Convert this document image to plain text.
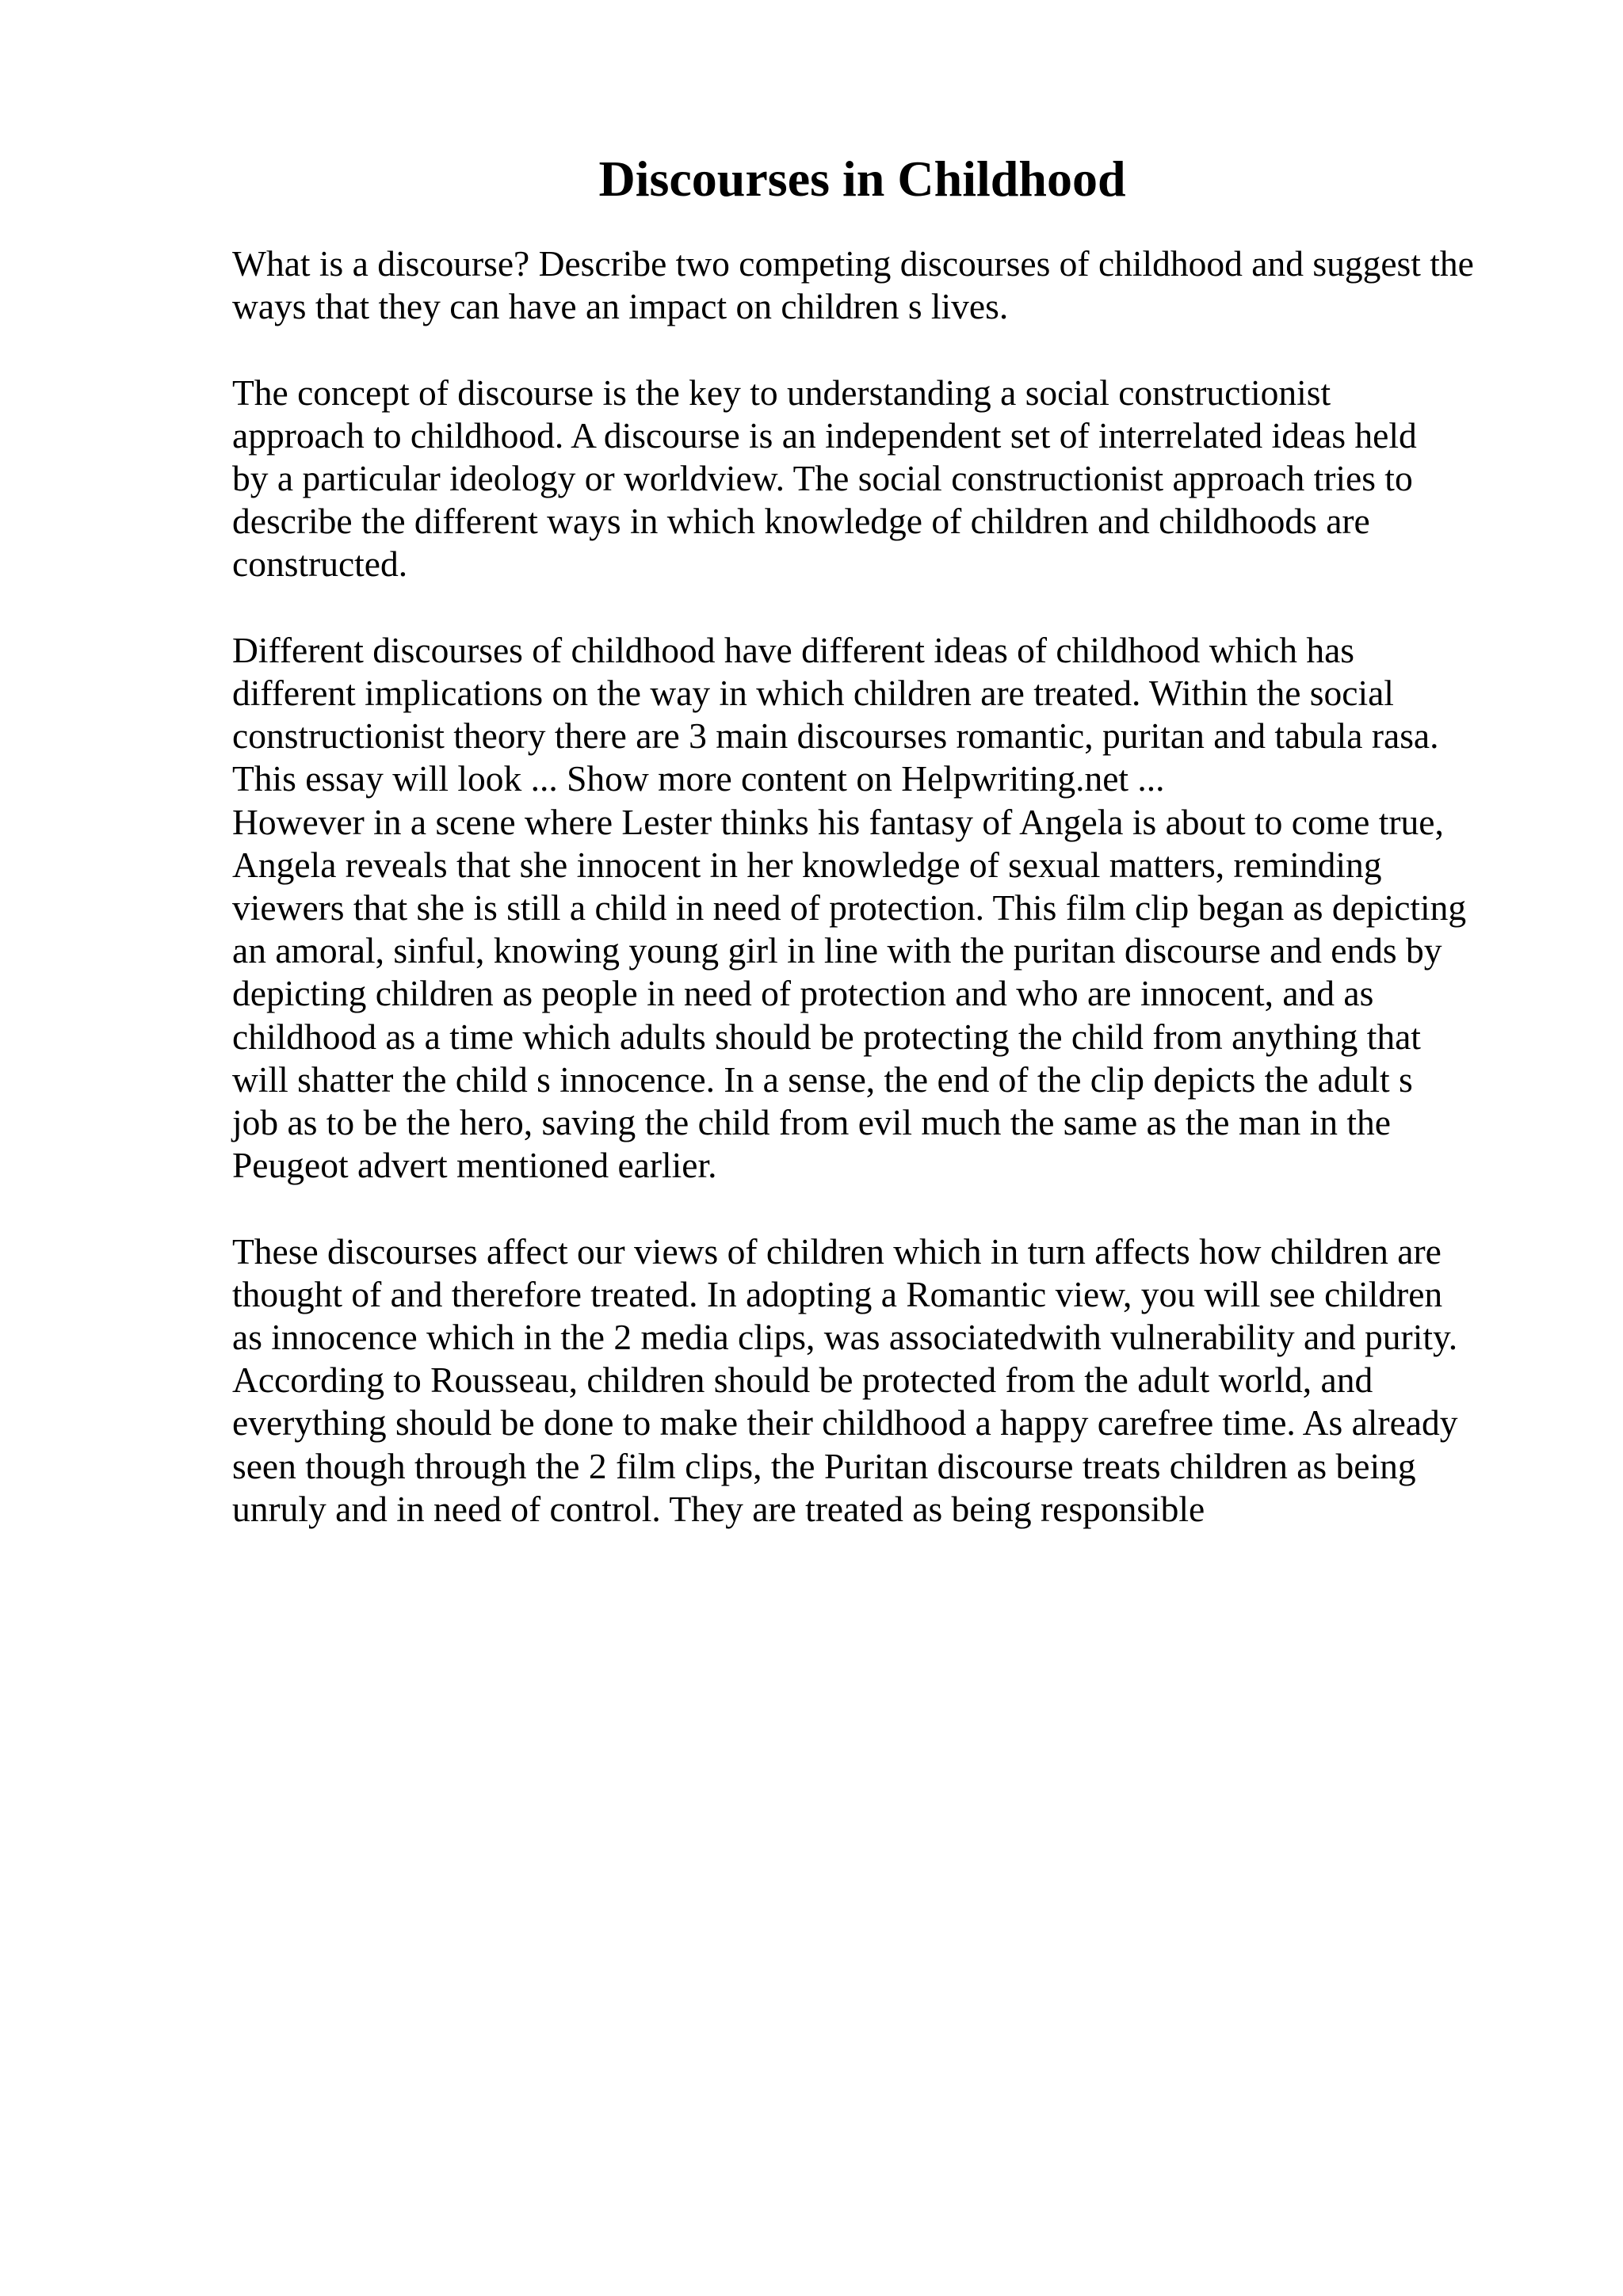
Discourses in Childhood

What is a discourse? Describe two competing discourses of childhood and suggest the
ways that they can have an impact on children s lives.

The concept of discourse is the key to understanding a social constructionist
approach to childhood. A discourse is an independent set of interrelated ideas held
by a particular ideology or worldview. The social constructionist approach tries to
describe the different ways in which knowledge of children and childhoods are
constructed.

Different discourses of childhood have different ideas of childhood which has
different implications on the way in which children are treated. Within the social
constructionist theory there are 3 main discourses romantic, puritan and tabula rasa.
This essay will look ... Show more content on Helpwriting.net ...
However in a scene where Lester thinks his fantasy of Angela is about to come true,
Angela reveals that she innocent in her knowledge of sexual matters, reminding
viewers that she is still a child in need of protection. This film clip began as depicting
an amoral, sinful, knowing young girl in line with the puritan discourse and ends by
depicting children as people in need of protection and who are innocent, and as
childhood as a time which adults should be protecting the child from anything that
will shatter the child s innocence. In a sense, the end of the clip depicts the adult s
job as to be the hero, saving the child from evil much the same as the man in the
Peugeot advert mentioned earlier.

These discourses affect our views of children which in turn affects how children are
thought of and therefore treated. In adopting a Romantic view, you will see children
as innocence which in the 2 media clips, was associatedwith vulnerability and purity.
According to Rousseau, children should be protected from the adult world, and
everything should be done to make their childhood a happy carefree time. As already
seen though through the 2 film clips, the Puritan discourse treats children as being
unruly and in need of control. They are treated as being responsible
